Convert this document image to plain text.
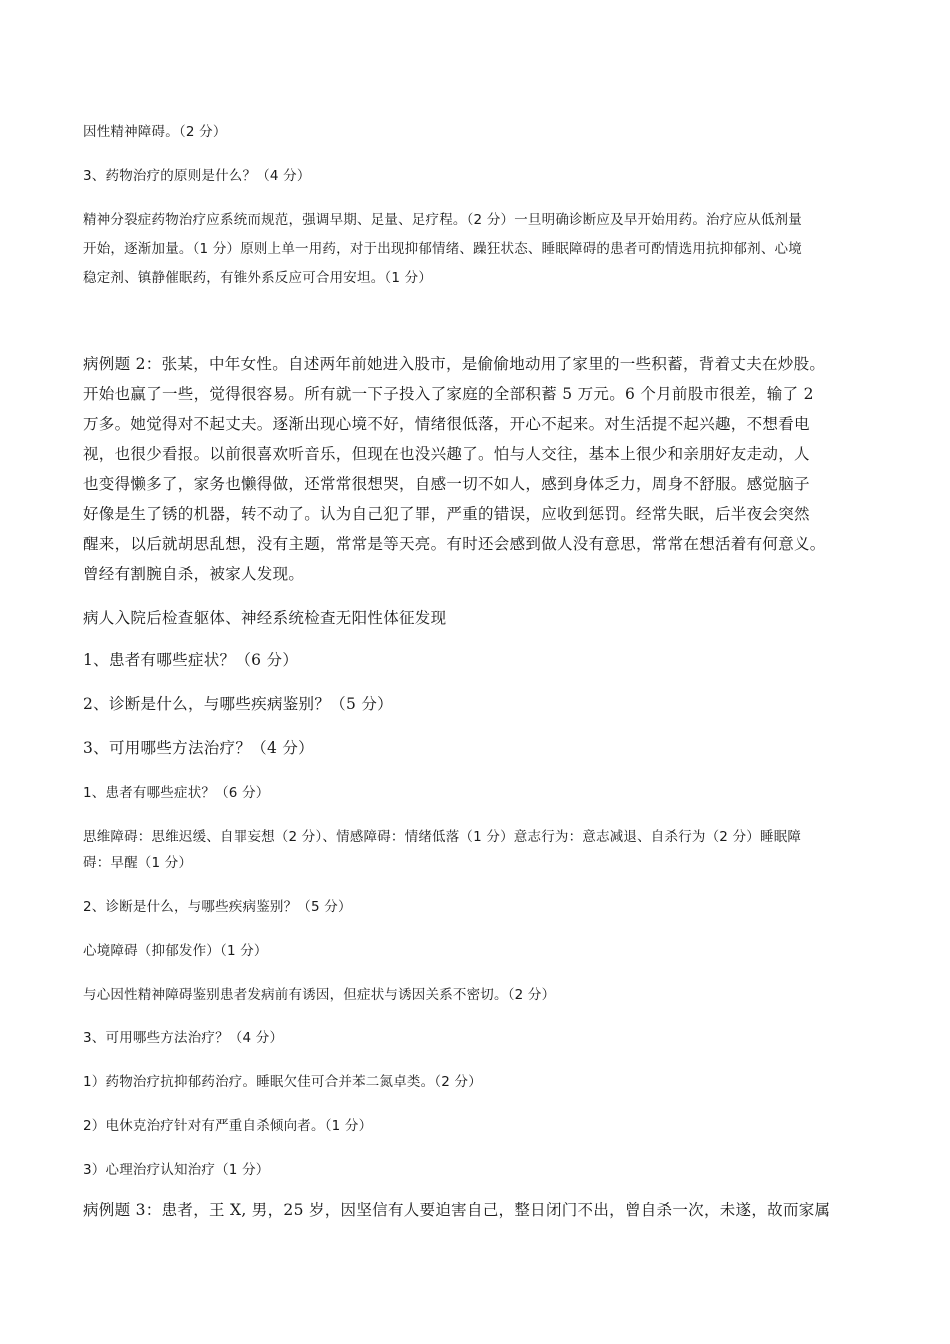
因性精神障碍。（2 分）

3、药物治疗的原则是什么？（4 分）

精神分裂症药物治疗应系统而规范，强调早期、足量、足疗程。（2 分）一旦明确诊断应及早开始用药。治疗应从低剂量

开始，逐渐加量。（1 分）原则上单一用药，对于出现抑郁情绪、躁狂状态、睡眠障碍的患者可酌情选用抗抑郁剂、心境

稳定剂、镇静催眠药，有锥外系反应可合用安坦。（1 分）

病例题 2：张某，中年女性。自述两年前她进入股市，是偷偷地动用了家里的一些积蓄，背着丈夫在炒股。

开始也赢了一些，觉得很容易。所有就一下子投入了家庭的全部积蓄 5 万元。6 个月前股市很差，输了 2

万多。她觉得对不起丈夫。逐渐出现心境不好，情绪很低落，开心不起来。对生活提不起兴趣，不想看电

视，也很少看报。以前很喜欢听音乐，但现在也没兴趣了。怕与人交往，基本上很少和亲朋好友走动，人

也变得懒多了，家务也懒得做，还常常很想哭，自感一切不如人，感到身体乏力，周身不舒服。感觉脑子

好像是生了锈的机器，转不动了。认为自己犯了罪，严重的错误，应收到惩罚。经常失眠，后半夜会突然

醒来，以后就胡思乱想，没有主题，常常是等天亮。有时还会感到做人没有意思，常常在想活着有何意义。

曾经有割腕自杀，被家人发现。

病人入院后检查躯体、神经系统检查无阳性体征发现

1、患者有哪些症状？（6 分）

2、诊断是什么，与哪些疾病鉴别？（5 分）

3、可用哪些方法治疗？（4 分）

1、患者有哪些症状？（6 分）

思维障碍：思维迟缓、自罪妄想（2 分）、情感障碍：情绪低落（1 分）意志行为：意志减退、自杀行为（2 分）睡眠障

碍：早醒（1 分）

2、诊断是什么，与哪些疾病鉴别？（5 分）

心境障碍（抑郁发作）（1 分）

与心因性精神障碍鉴别患者发病前有诱因，但症状与诱因关系不密切。（2 分）

3、可用哪些方法治疗？（4 分）

1）药物治疗抗抑郁药治疗。睡眠欠佳可合并苯二氮卓类。（2 分）

2）电休克治疗针对有严重自杀倾向者。（1 分）

3）心理治疗认知治疗（1 分）

病例题 3：患者，王 X, 男，25 岁，因坚信有人要迫害自己，整日闭门不出，曾自杀一次，未遂，故而家属
